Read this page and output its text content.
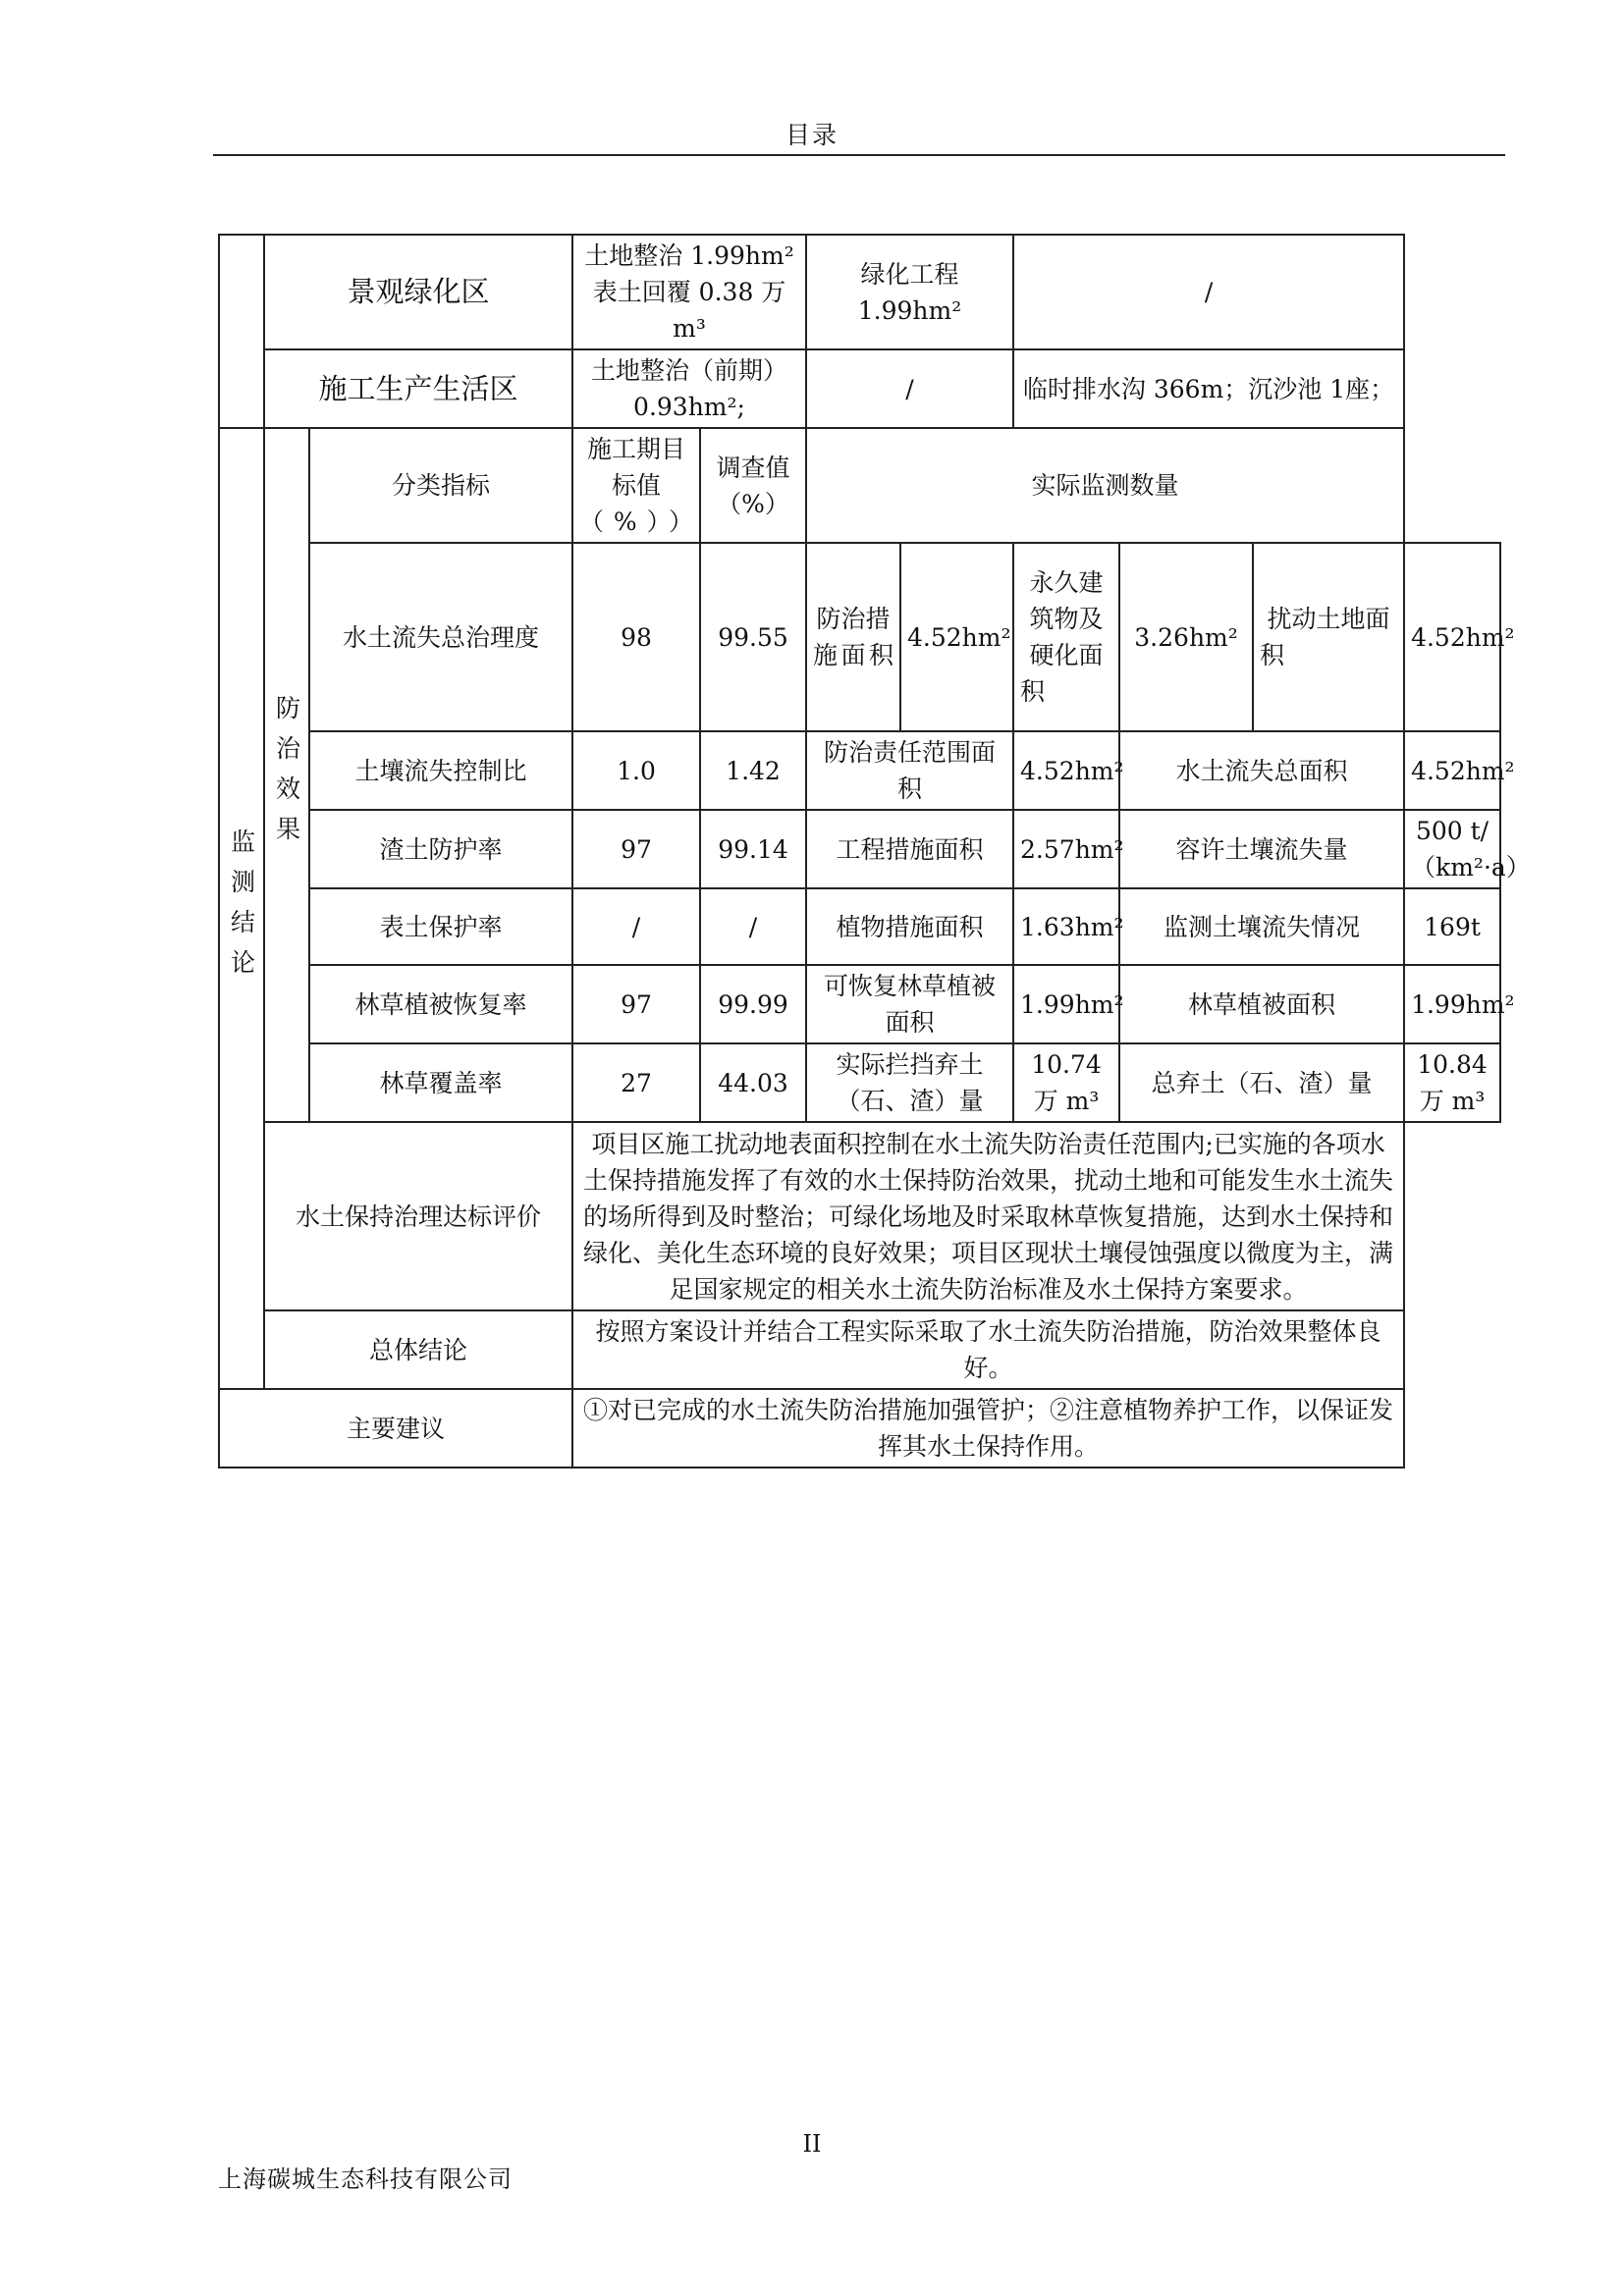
目录
	景观绿化区		土地整治 1.99hm² 表土回覆 0.38 万 m³		绿化工程 1.99hm²		/			
	施工生产生活区		土地整治（前期）0.93hm²;		/		临时排水沟 366m；沉沙池 1座；			
监测结论	防治效果	分类指标	施工期目标值（%））	调查值（%）	实际监测数量					
		水土流失总治理度	98	99.55	防治措施面积	4.52hm²	永久建筑物及硬化面积	3.26hm²	扰动土地面积	4.52hm²
		土壤流失控制比	1.0	1.42	防治责任范围面积		4.52hm²	水土流失总面积		4.52hm²
		渣土防护率	97	99.14	工程措施面积		2.57hm²	容许土壤流失量		500 t/（km²·a）
		表土保护率	/	/	植物措施面积		1.63hm²	监测土壤流失情况		169t
		林草植被恢复率	97	99.99	可恢复林草植被面积		1.99hm²	林草植被面积		1.99hm²
		林草覆盖率	27	44.03	实际拦挡弃土（石、渣）量		10.74万 m³	总弃土（石、渣）量		10.84万 m³
	水土保持治理达标评价		项目区施工扰动地表面积控制在水土流失防治责任范围内;已实施的各项水土保持措施发挥了有效的水土保持防治效果，扰动土地和可能发生水土流失的场所得到及时整治；可绿化场地及时采取林草恢复措施，达到水土保持和绿化、美化生态环境的良好效果；项目区现状土壤侵蚀强度以微度为主，满足国家规定的相关水土流失防治标准及水土保持方案要求。							
	总体结论		按照方案设计并结合工程实际采取了水土流失防治措施，防治效果整体良好。							
主要建议			①对已完成的水土流失防治措施加强管护；②注意植物养护工作，以保证发挥其水土保持作用。							
II
上海碳城生态科技有限公司
